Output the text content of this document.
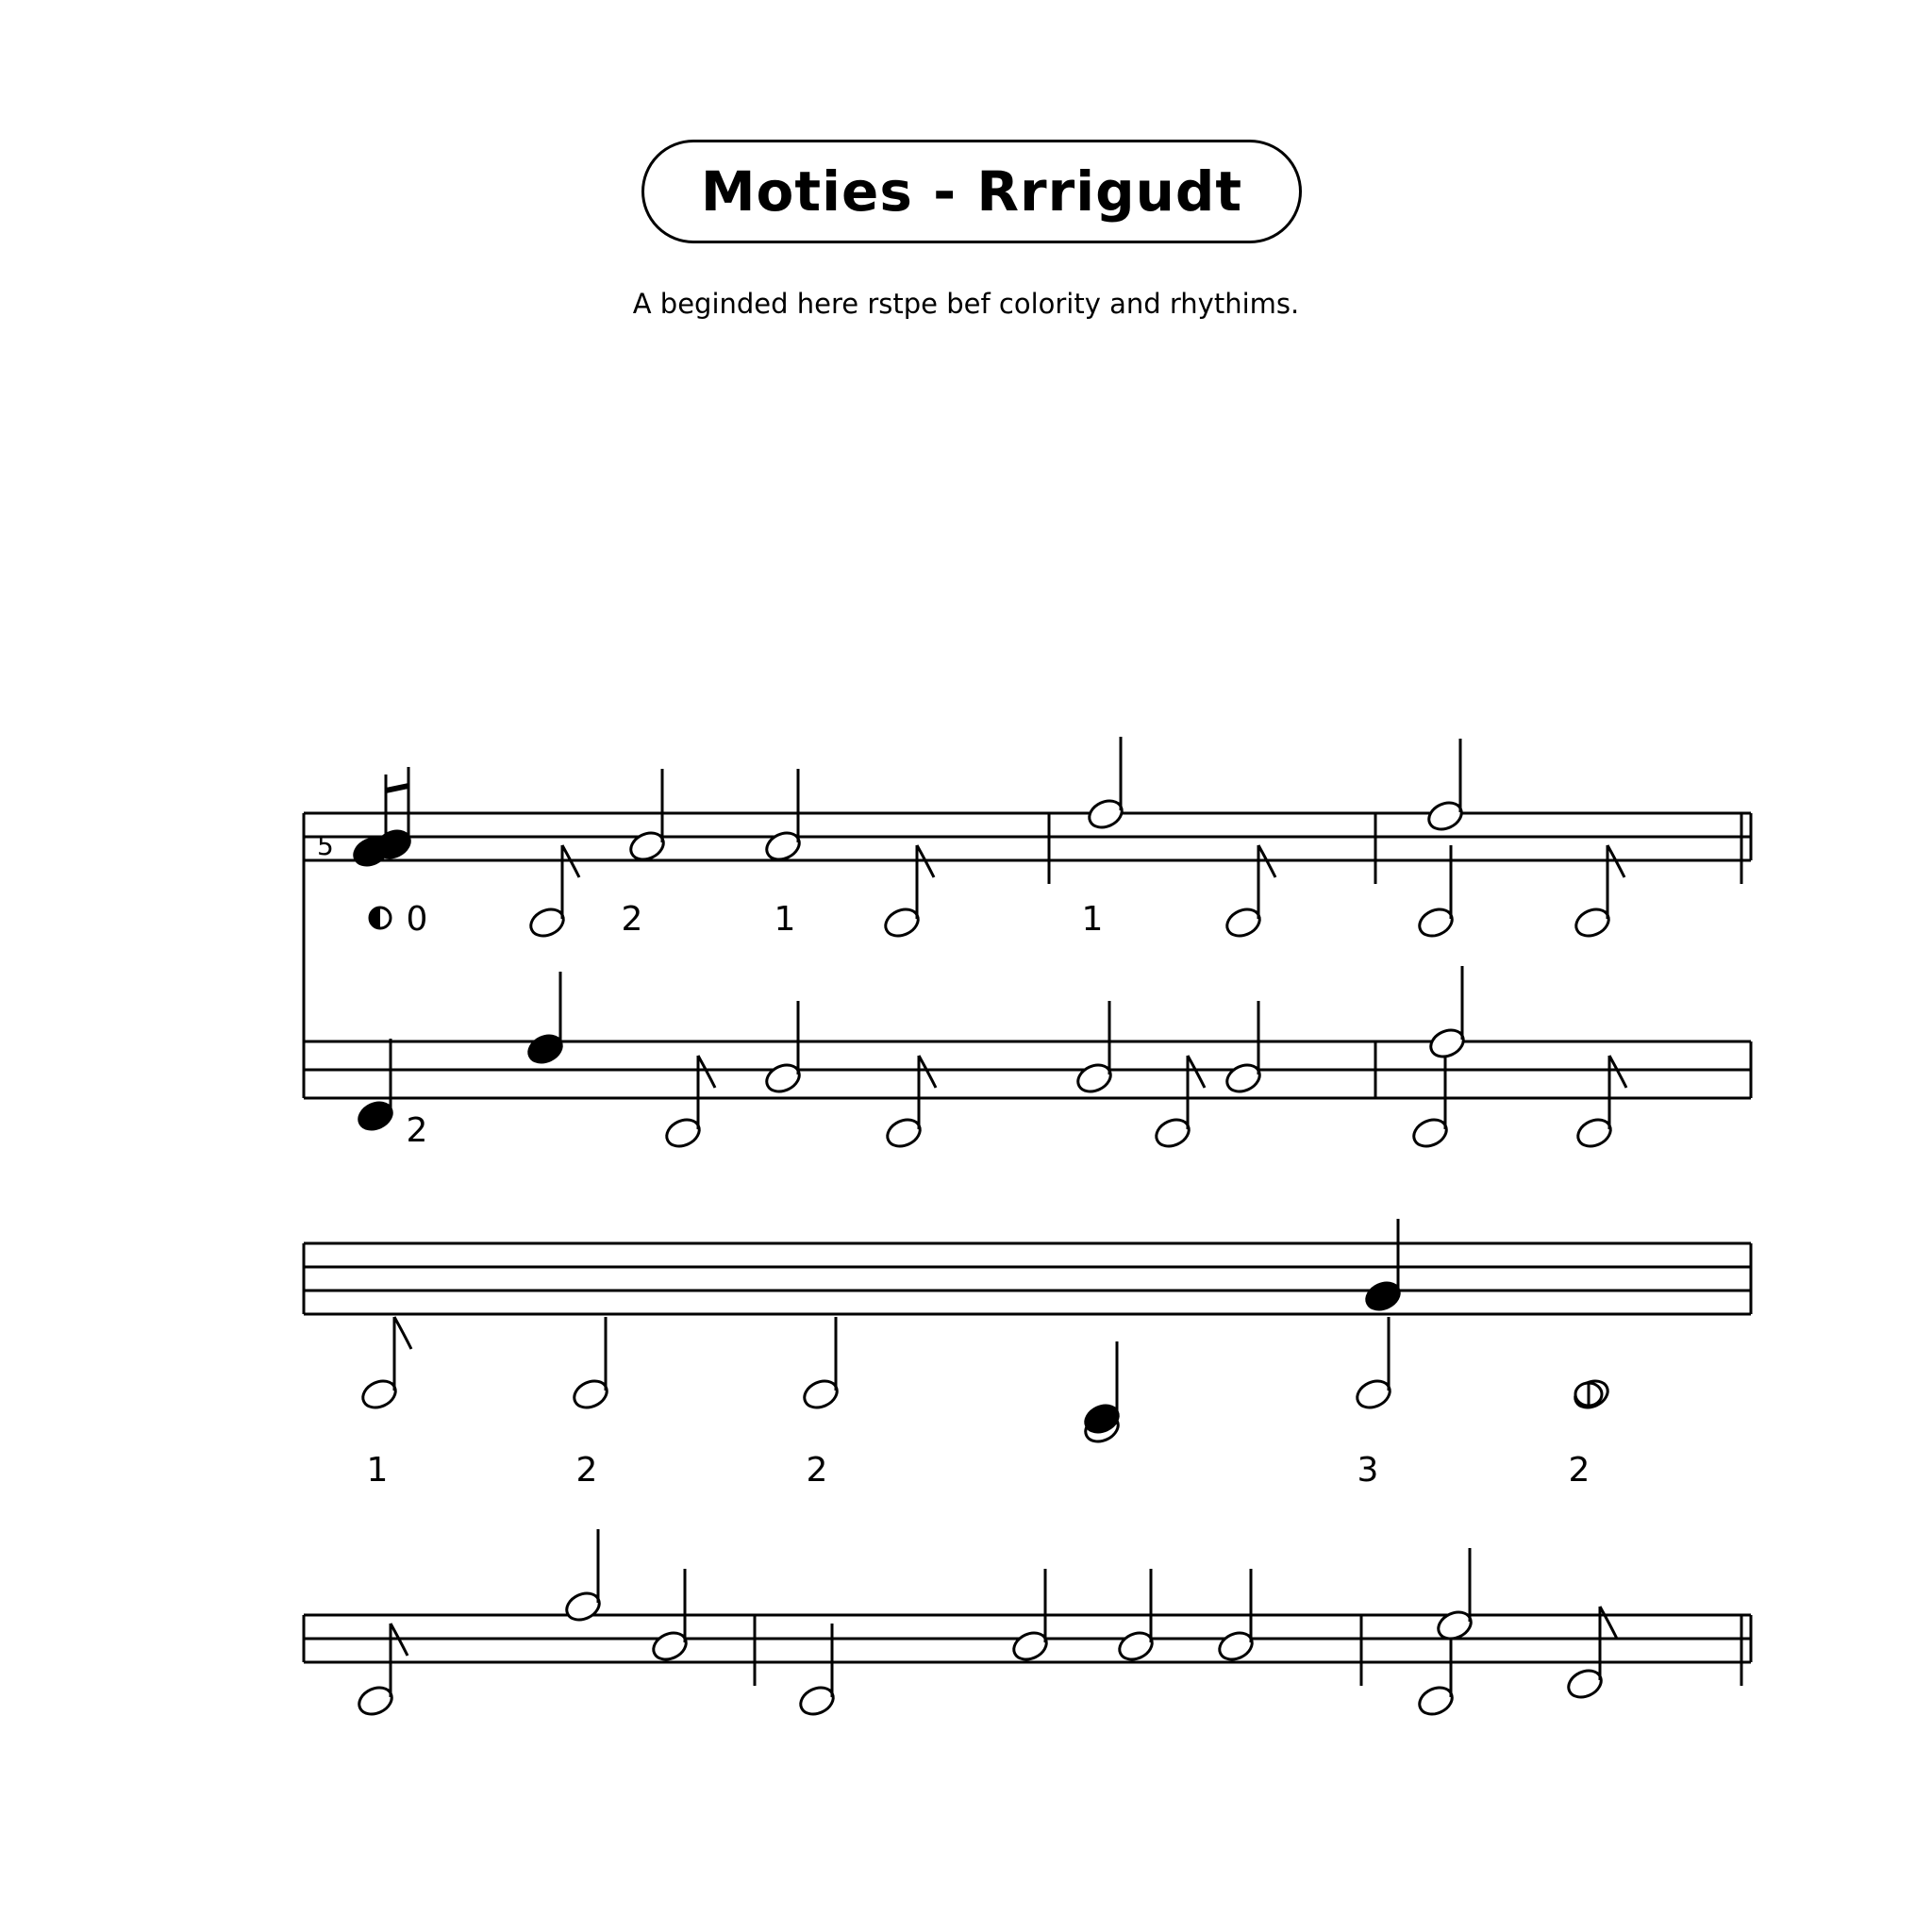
Moties - Rrrigudt
A beginded here rstpe bef colority and rhythims.
5
0	2	1	1
2
1	2	2	3	2
